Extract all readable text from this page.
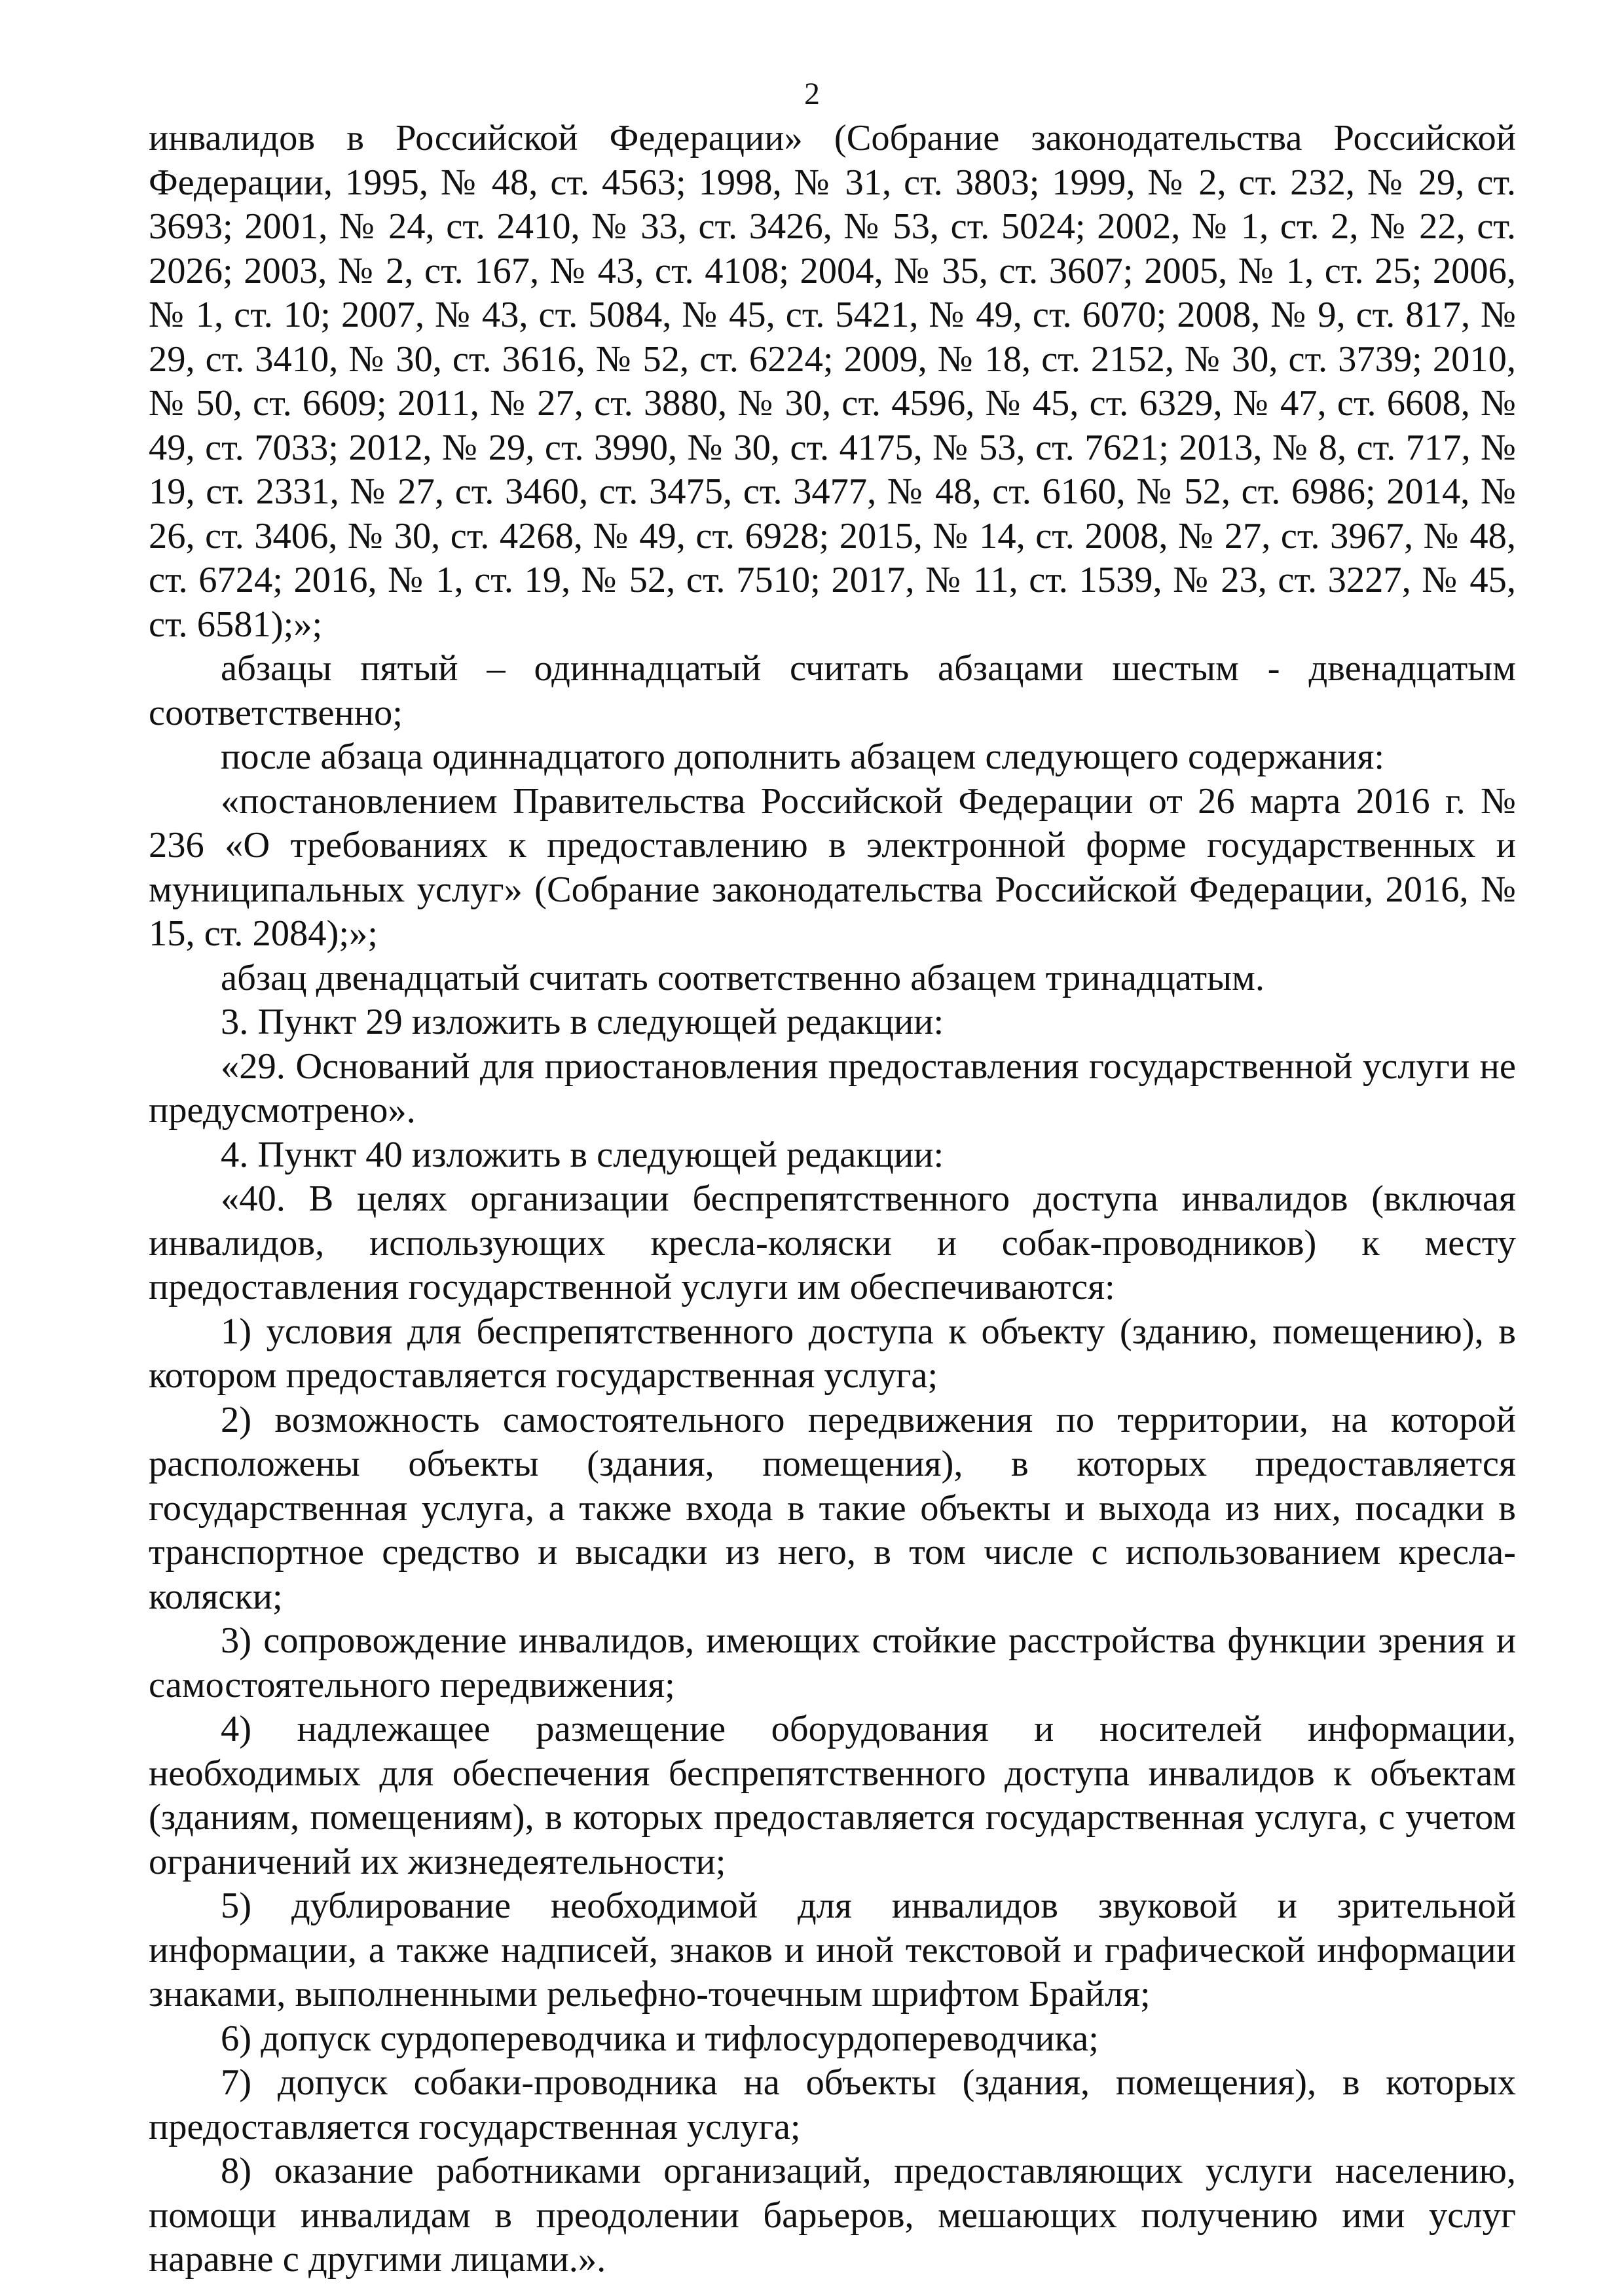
2

инвалидов в Российской Федерации» (Собрание законодательства Российской Федерации, 1995, № 48, ст. 4563; 1998, № 31, ст. 3803; 1999, № 2, ст. 232, № 29, ст. 3693; 2001, № 24, ст. 2410, № 33, ст. 3426, № 53, ст. 5024; 2002, № 1, ст. 2, № 22, ст. 2026; 2003, № 2, ст. 167, № 43, ст. 4108; 2004, № 35, ст. 3607; 2005, № 1, ст. 25; 2006, № 1, ст. 10; 2007, № 43, ст. 5084, № 45, ст. 5421, № 49, ст. 6070; 2008, № 9, ст. 817, № 29, ст. 3410, № 30, ст. 3616, № 52, ст. 6224; 2009, № 18, ст. 2152, № 30, ст. 3739; 2010, № 50, ст. 6609; 2011, № 27, ст. 3880, № 30, ст. 4596, № 45, ст. 6329, № 47, ст. 6608, № 49, ст. 7033; 2012, № 29, ст. 3990, № 30, ст. 4175, № 53, ст. 7621; 2013, № 8, ст. 717, № 19, ст. 2331, № 27, ст. 3460, ст. 3475, ст. 3477, № 48, ст. 6160, № 52, ст. 6986; 2014, № 26, ст. 3406, № 30, ст. 4268, № 49, ст. 6928; 2015, № 14, ст. 2008, № 27, ст. 3967, № 48, ст. 6724; 2016, № 1, ст. 19, № 52, ст. 7510; 2017, № 11, ст. 1539, № 23, ст. 3227, № 45, ст. 6581);»;

абзацы пятый – одиннадцатый считать абзацами шестым - двенадцатым соответственно;

после абзаца одиннадцатого дополнить абзацем следующего содержания:

«постановлением Правительства Российской Федерации от 26 марта 2016 г. № 236 «О требованиях к предоставлению в электронной форме государственных и муниципальных услуг» (Собрание законодательства Российской Федерации, 2016, № 15, ст. 2084);»;

абзац двенадцатый считать соответственно абзацем тринадцатым.

3. Пункт 29 изложить в следующей редакции:

«29. Оснований для приостановления предоставления государственной услуги не предусмотрено».

4. Пункт 40 изложить в следующей редакции:

«40. В целях организации беспрепятственного доступа инвалидов (включая инвалидов, использующих кресла-коляски и собак-проводников) к месту предоставления государственной услуги им обеспечиваются:

1) условия для беспрепятственного доступа к объекту (зданию, помещению), в котором предоставляется государственная услуга;

2) возможность самостоятельного передвижения по территории, на которой расположены объекты (здания, помещения), в которых предоставляется государственная услуга, а также входа в такие объекты и выхода из них, посадки в транспортное средство и высадки из него, в том числе с использованием кресла-коляски;

3) сопровождение инвалидов, имеющих стойкие расстройства функции зрения и самостоятельного передвижения;

4) надлежащее размещение оборудования и носителей информации, необходимых для обеспечения беспрепятственного доступа инвалидов к объектам (зданиям, помещениям), в которых предоставляется государственная услуга, с учетом ограничений их жизнедеятельности;

5) дублирование необходимой для инвалидов звуковой и зрительной информации, а также надписей, знаков и иной текстовой и графической информации знаками, выполненными рельефно-точечным шрифтом Брайля;

6) допуск сурдопереводчика и тифлосурдопереводчика;

7) допуск собаки-проводника на объекты (здания, помещения), в которых предоставляется государственная услуга;

8) оказание работниками организаций, предоставляющих услуги населению, помощи инвалидам в преодолении барьеров, мешающих получению ими услуг наравне с другими лицами.».
